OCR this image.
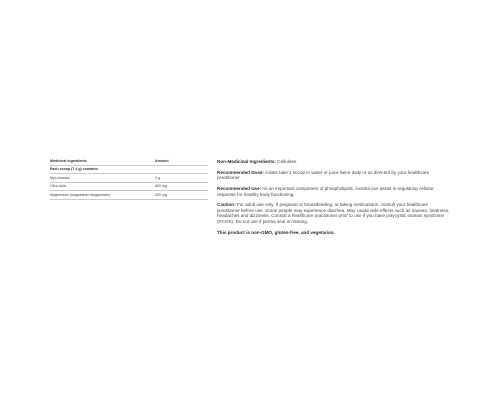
Medicinal Ingredients	Amount
Each scoop (7.4 g) contains:
Myo-Inositol	4 g
Citric Acid	800 mg
Magnesium (magnesium bisglycinate)	200 mg

Non-Medicinal Ingredients: Cellulose.

Recommended Dose: Adults take 1 scoop in water or juice twice daily or as directed by your healthcare practitioner.

Recommended Use: As an important component of phospholipids, inositol can assist in regulating cellular response for healthy body functioning.

Caution: For adult use only. If pregnant or breastfeeding, or taking medications, consult your healthcare practitioner before use. Some people may experience diarrhea. May cause side effects such as nausea, tiredness, headaches and dizziness. Consult a healthcare practitioner prior to use if you have polycystic ovarian syndrome (PCOS). Do not use if perma seal is missing.

This product is non-GMO, gluten-free, and vegetarian.
